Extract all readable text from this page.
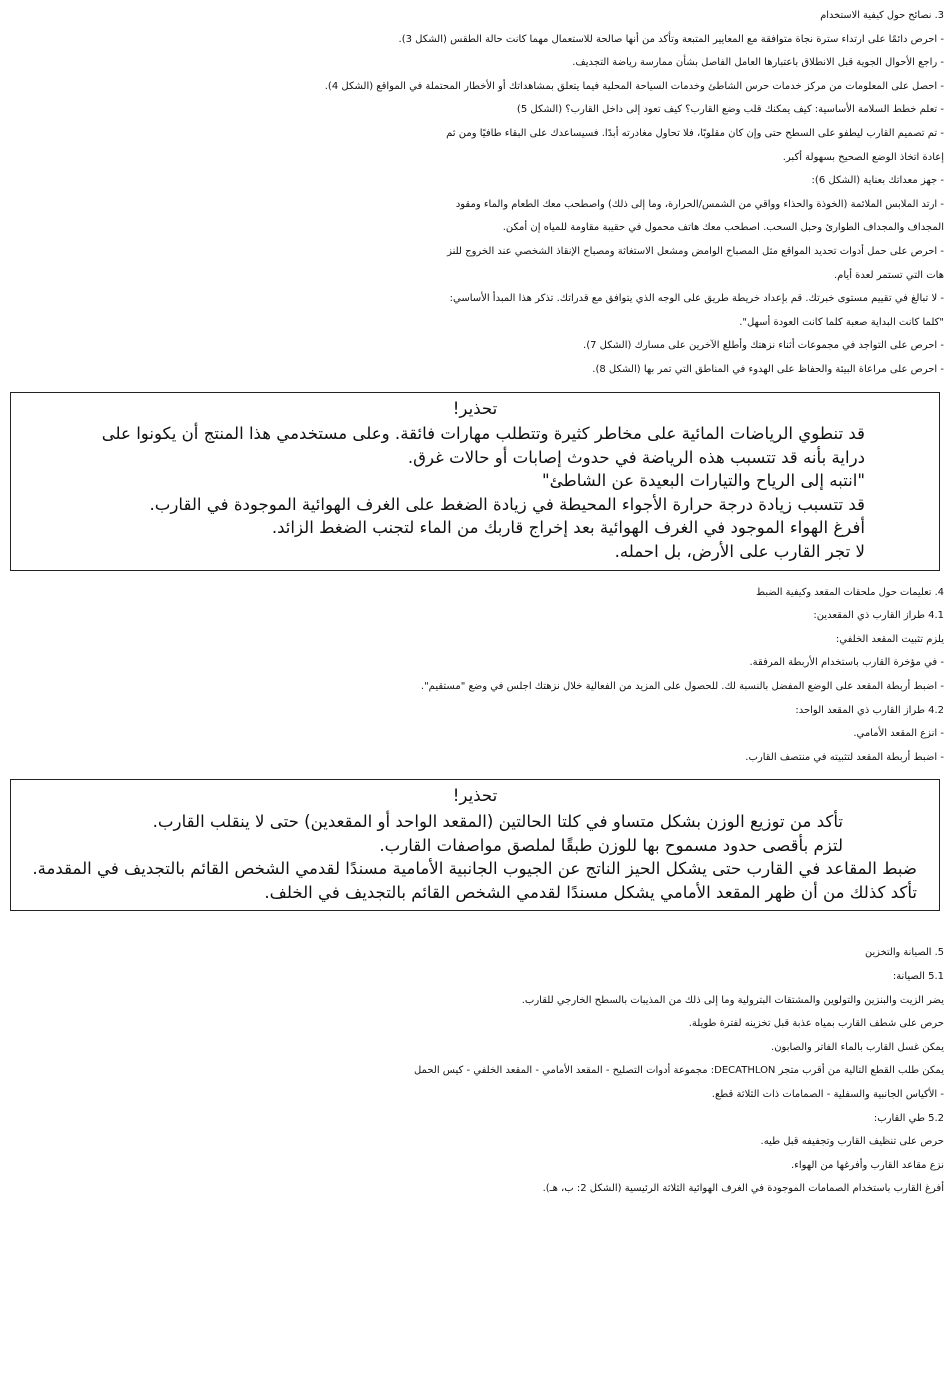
3. نصائح حول كيفية الاستخدام
- احرص دائمًا على ارتداء سترة نجاة متوافقة مع المعايير المتبعة وتأكد من أنها صالحة للاستعمال مهما كانت حالة الطقس (الشكل 3).
- راجع الأحوال الجوية قبل الانطلاق باعتبارها العامل الفاصل بشأن ممارسة رياضة التجديف.
- احصل على المعلومات من مركز خدمات حرس الشاطئ وخدمات السياحة المحلية فيما يتعلق بمشاهداتك أو الأخطار المحتملة في المواقع (الشكل 4).
- تعلم خطط السلامة الأساسية: كيف يمكنك قلب وضع القارب؟ كيف تعود إلى داخل القارب؟ (الشكل 5)
- تم تصميم القارب ليطفو على السطح حتى وإن كان مقلوبًا، فلا تحاول مغادرته أبدًا. فسيساعدك على البقاء طافيًا ومن ثم
إعادة اتخاذ الوضع الصحيح بسهولة أكبر.
- جهز معداتك بعناية (الشكل 6):
- ارتد الملابس الملائمة (الخوذة والحذاء وواقي من الشمس/الحرارة، وما إلى ذلك) واصطحب معك الطعام والماء ومقود
المجداف والمجداف الطوارئ وحبل السحب. اصطحب معك هاتف محمول في حقيبة مقاومة للمياه إن أمكن.
- احرص على حمل أدوات تحديد المواقع مثل المصباح الوامض ومشعل الاستغاثة ومصباح الإنقاذ الشخصي عند الخروج للنز
هات التي تستمر لعدة أيام.
- لا تبالغ في تقييم مستوى خبرتك. قم بإعداد خريطة طريق على الوجه الذي يتوافق مع قدراتك. تذكر هذا المبدأ الأساسي:
"كلما كانت البداية صعبة كلما كانت العودة أسهل".
- احرص على التواجد في مجموعات أثناء نزهتك وأطلع الآخرين على مسارك (الشكل 7).
- احرص على مراعاة البيئة والحفاظ على الهدوء في المناطق التي تمر بها (الشكل 8).
تحذير!
قد تنطوي الرياضات المائية على مخاطر كثيرة وتتطلب مهارات فائقة. وعلى مستخدمي هذا المنتج أن يكونوا على
دراية بأنه قد تتسبب هذه الرياضة في حدوث إصابات أو حالات غرق.
"انتبه إلى الرياح والتيارات البعيدة عن الشاطئ"
قد تتسبب زيادة درجة حرارة الأجواء المحيطة في زيادة الضغط على الغرف الهوائية الموجودة في القارب.
أفرغ الهواء الموجود في الغرف الهوائية بعد إخراج قاربك من الماء لتجنب الضغط الزائد.
لا تجر القارب على الأرض، بل احمله.
4. تعليمات حول ملحقات المقعد وكيفية الضبط
4.1 طراز القارب ذي المقعدين:
يلزم تثبيت المقعد الخلفي:
- في مؤخرة القارب باستخدام الأربطة المرفقة.
- اضبط أربطة المقعد على الوضع المفضل بالنسبة لك. للحصول على المزيد من الفعالية خلال نزهتك اجلس في وضع "مستقيم".
4.2 طراز القارب ذي المقعد الواحد:
- انزع المقعد الأمامي.
- اضبط أربطة المقعد لتثبيته في منتصف القارب.
تحذير!
تأكد من توزيع الوزن بشكل متساو في كلتا الحالتين (المقعد الواحد أو المقعدين) حتى لا ينقلب القارب.
لتزم بأقصى حدود مسموح بها للوزن طبقًا لملصق مواصفات القارب.
ضبط المقاعد في القارب حتى يشكل الحيز الناتج عن الجيوب الجانبية الأمامية مسندًا لقدمي الشخص القائم بالتجديف في المقدمة.
تأكد كذلك من أن ظهر المقعد الأمامي يشكل مسندًا لقدمي الشخص القائم بالتجديف في الخلف.
5. الصيانة والتخزين
5.1 الصيانة:
يضر الزيت والبنزين والتولوين والمشتقات البترولية وما إلى ذلك من المذيبات بالسطح الخارجي للقارب.
حرص على شطف القارب بمياه عذبة قبل تخزينه لفترة طويلة.
يمكن غسل القارب بالماء الفاتر والصابون.
يمكن طلب القطع التالية من أقرب متجر DECATHLON: مجموعة أدوات التصليح - المقعد الأمامي - المقعد الخلفي - كيس الحمل
- الأكياس الجانبية والسفلية - الصمامات ذات الثلاثة قطع.
5.2 طي القارب:
حرص على تنظيف القارب وتجفيفه قبل طيه.
نزع مقاعد القارب وأفرغها من الهواء.
أفرغ القارب باستخدام الصمامات الموجودة في الغرف الهوائية الثلاثة الرئيسية (الشكل 2: ب، هـ).
